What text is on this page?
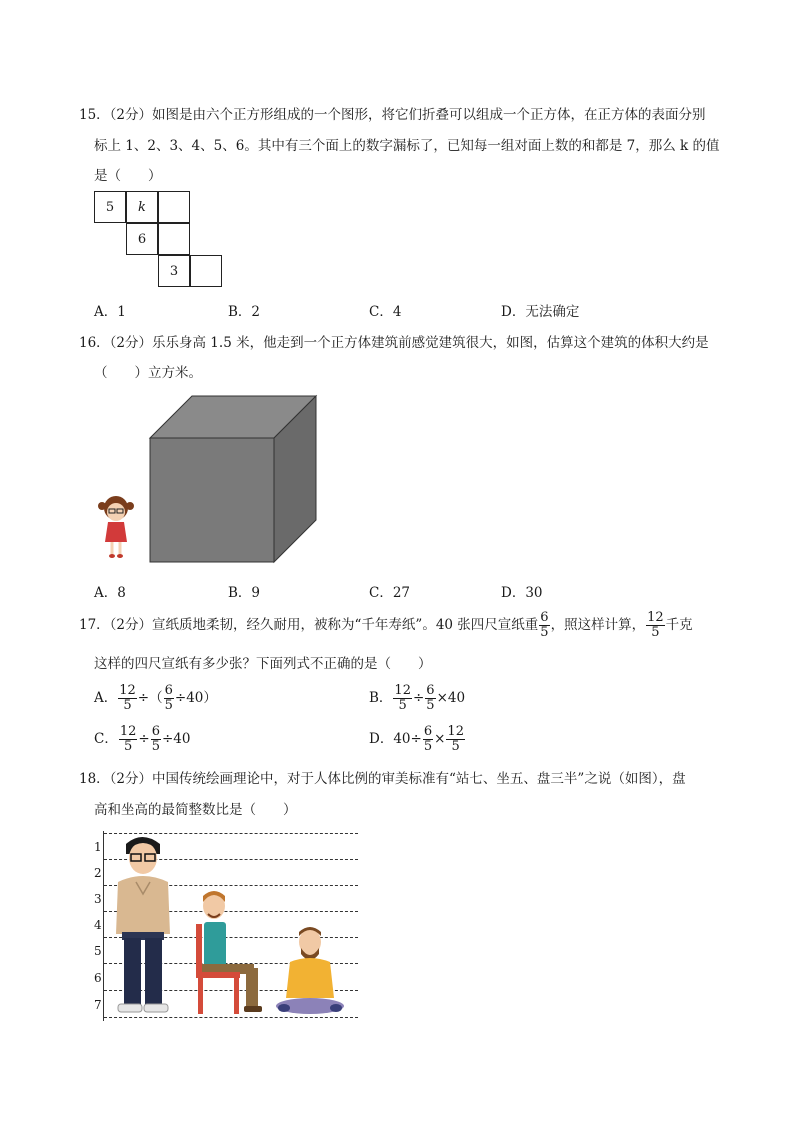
15．（2分）如图是由六个正方形组成的一个图形，将它们折叠可以组成一个正方体，在正方体的表面分别
标上 1、2、3、4、5、6。其中有三个面上的数字漏标了，已知每一组对面上数的和都是 7，那么 k 的值
是（　　）
5	k
6
3
A．1	B．2	C．4	D．无法确定
16．（2分）乐乐身高 1.5 米，他走到一个正方体建筑前感觉建筑很大，如图，估算这个建筑的体积大约是
（　　）立方米。
A．8	B．9	C．27	D．30
17．（2分）宣纸质地柔韧，经久耐用，被称为“千年寿纸”。40 张四尺宣纸重 $\frac{6}{5}$ ，照这样计算， $\frac{12}{5}$ 千克
这样的四尺宣纸有多少张？下面列式不正确的是（　　）
A． $\frac{12}{5}$ ÷（ $\frac{6}{5} \div 40$）	B． $\frac{12}{5} \div \frac{6}{5} \times 40$
C． $\frac{12}{5} \div \frac{6}{5} \div 40$	D．$40\div \frac{6}{5} \times \frac{12}{5}$
18．（2分）中国传统绘画理论中，对于人体比例的审美标准有“站七、坐五、盘三半”之说（如图），盘
高和坐高的最简整数比是（　　）
1
2
3
4
5
6
7
